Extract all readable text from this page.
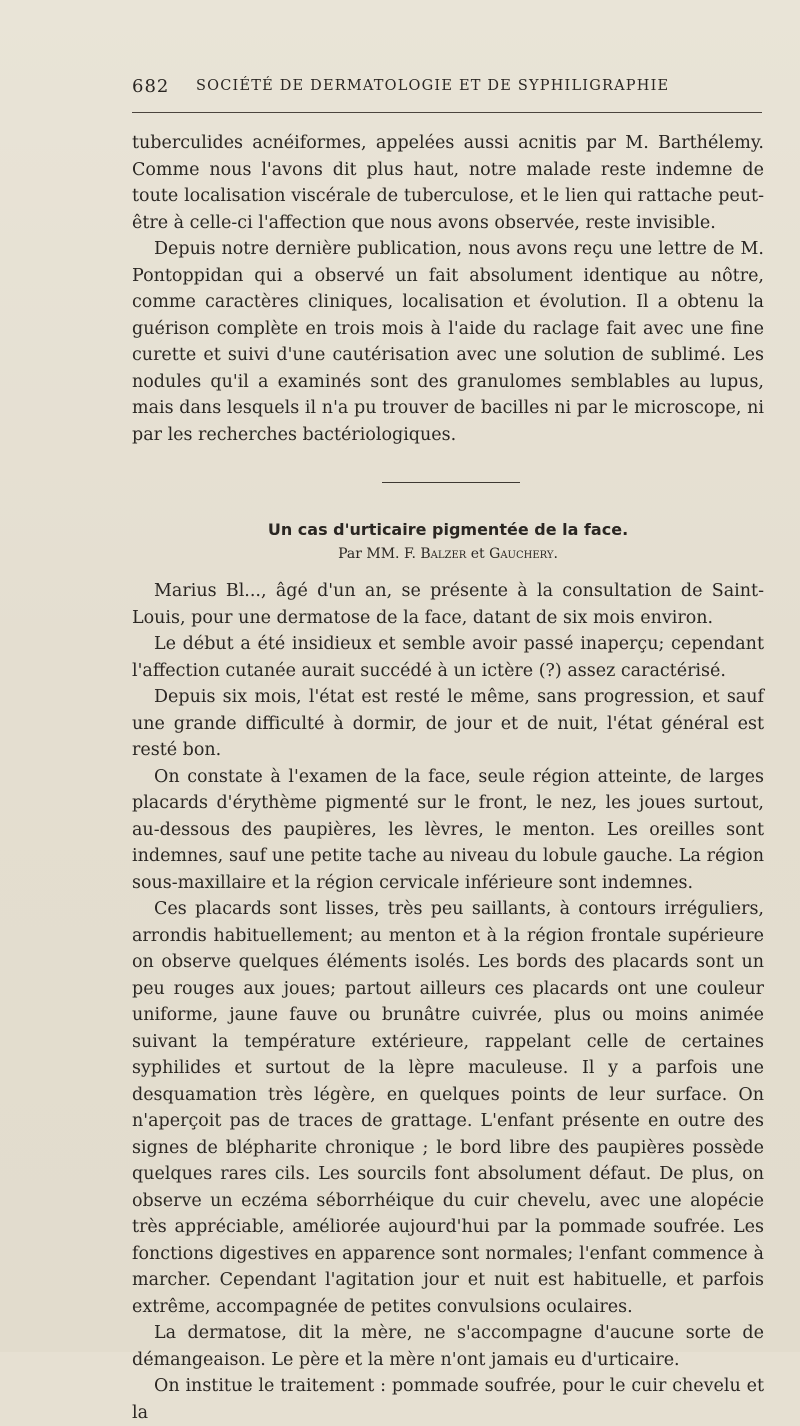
682 SOCIÉTÉ DE DERMATOLOGIE ET DE SYPHILIGRAPHIE

tuberculides acnéiformes, appelées aussi acnitis par M. Barthélemy. Comme nous l'avons dit plus haut, notre malade reste indemne de toute localisation viscérale de tuberculose, et le lien qui rattache peut-être à celle-ci l'affection que nous avons observée, reste invisible.

Depuis notre dernière publication, nous avons reçu une lettre de M. Pontoppidan qui a observé un fait absolument identique au nôtre, comme caractères cliniques, localisation et évolution. Il a obtenu la guérison complète en trois mois à l'aide du raclage fait avec une fine curette et suivi d'une cautérisation avec une solution de sublimé. Les nodules qu'il a examinés sont des granulomes semblables au lupus, mais dans lesquels il n'a pu trouver de bacilles ni par le microscope, ni par les recherches bactériologiques.

Un cas d'urticaire pigmentée de la face.
Par MM. F. Balzer et Gauchery.

Marius Bl..., âgé d'un an, se présente à la consultation de Saint-Louis, pour une dermatose de la face, datant de six mois environ.

Le début a été insidieux et semble avoir passé inaperçu; cependant l'affection cutanée aurait succédé à un ictère (?) assez caractérisé.

Depuis six mois, l'état est resté le même, sans progression, et sauf une grande difficulté à dormir, de jour et de nuit, l'état général est resté bon.

On constate à l'examen de la face, seule région atteinte, de larges placards d'érythème pigmenté sur le front, le nez, les joues surtout, au-dessous des paupières, les lèvres, le menton. Les oreilles sont indemnes, sauf une petite tache au niveau du lobule gauche. La région sous-maxillaire et la région cervicale inférieure sont indemnes.

Ces placards sont lisses, très peu saillants, à contours irréguliers, arrondis habituellement; au menton et à la région frontale supérieure on observe quelques éléments isolés. Les bords des placards sont un peu rouges aux joues; partout ailleurs ces placards ont une couleur uniforme, jaune fauve ou brunâtre cuivrée, plus ou moins animée suivant la température extérieure, rappelant celle de certaines syphilides et surtout de la lèpre maculeuse. Il y a parfois une desquamation très légère, en quelques points de leur surface. On n'aperçoit pas de traces de grattage. L'enfant présente en outre des signes de blépharite chronique ; le bord libre des paupières possède quelques rares cils. Les sourcils font absolument défaut. De plus, on observe un eczéma séborrhéique du cuir chevelu, avec une alopécie très appréciable, améliorée aujourd'hui par la pommade soufrée. Les fonctions digestives en apparence sont normales; l'enfant commence à marcher. Cependant l'agitation jour et nuit est habituelle, et parfois extrême, accompagnée de petites convulsions oculaires.

La dermatose, dit la mère, ne s'accompagne d'aucune sorte de démangeaison. Le père et la mère n'ont jamais eu d'urticaire.

On institue le traitement : pommade soufrée, pour le cuir chevelu et la
